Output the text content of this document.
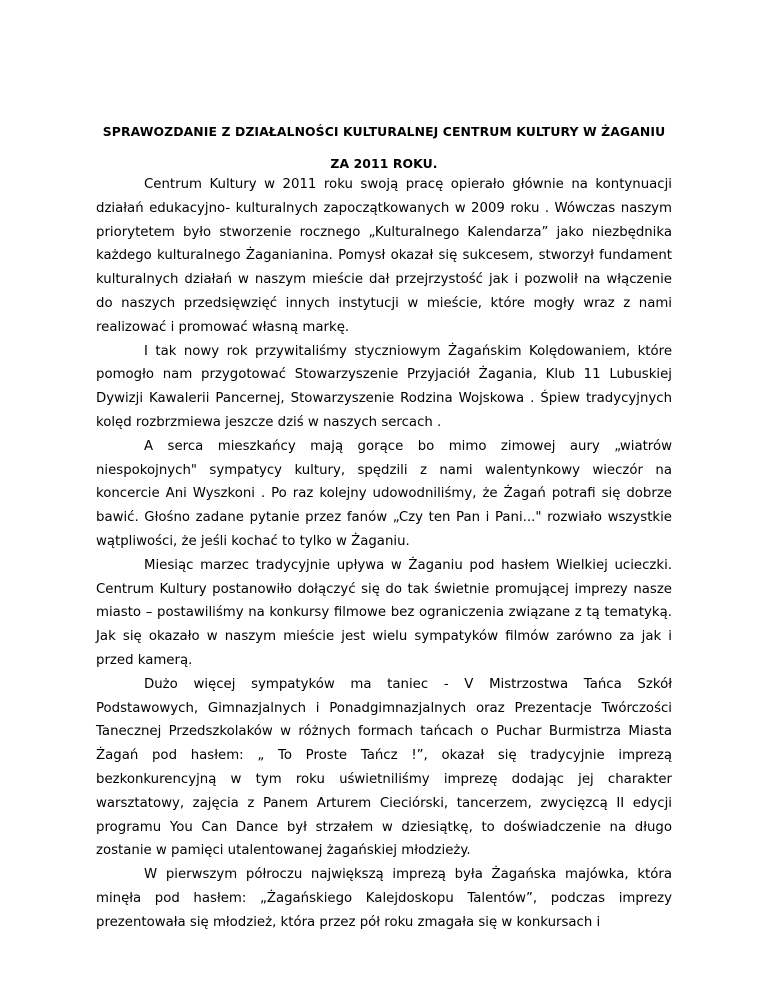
SPRAWOZDANIE Z DZIAŁALNOŚCI KULTURALNEJ CENTRUM KULTURY W ŻAGANIU ZA 2011 ROKU.

Centrum Kultury w 2011 roku swoją pracę opierało głównie na kontynuacji działań edukacyjno- kulturalnych zapoczątkowanych w 2009 roku . Wówczas naszym priorytetem było stworzenie rocznego „Kulturalnego Kalendarza” jako niezbędnika każdego kulturalnego Żaganianina. Pomysł okazał się sukcesem, stworzył fundament kulturalnych działań w naszym mieście dał przejrzystość jak i pozwolił na włączenie do naszych przedsięwzięć innych instytucji w mieście, które mogły wraz z nami realizować i promować własną markę.

I tak nowy rok przywitaliśmy styczniowym Żagańskim Kolędowaniem, które pomogło nam przygotować Stowarzyszenie Przyjaciół Żagania, Klub 11 Lubuskiej Dywizji Kawalerii Pancernej, Stowarzyszenie Rodzina Wojskowa . Śpiew tradycyjnych kolęd rozbrzmiewa jeszcze dziś w naszych sercach .

A serca mieszkańcy mają gorące bo mimo zimowej aury „wiatrów niespokojnych" sympatycy kultury, spędzili z nami walentynkowy wieczór na koncercie Ani Wyszkoni . Po raz kolejny udowodniliśmy, że Żagań potrafi się dobrze bawić. Głośno zadane pytanie przez fanów „Czy ten Pan i Pani..." rozwiało wszystkie wątpliwości, że jeśli kochać to tylko w Żaganiu.

Miesiąc marzec tradycyjnie upływa w Żaganiu pod hasłem Wielkiej ucieczki. Centrum Kultury postanowiło dołączyć się do tak świetnie promującej imprezy nasze miasto – postawiliśmy na konkursy filmowe bez ograniczenia związane z tą tematyką. Jak się okazało w naszym mieście jest wielu sympatyków filmów zarówno za jak i przed kamerą.

Dużo więcej sympatyków ma taniec - V Mistrzostwa Tańca Szkół Podstawowych, Gimnazjalnych i Ponadgimnazjalnych oraz Prezentacje Twórczości Tanecznej Przedszkolaków w różnych formach tańcach o Puchar Burmistrza Miasta Żagań pod hasłem: „ To Proste Tańcz !”, okazał się tradycyjnie imprezą bezkonkurencyjną w tym roku uświetniliśmy imprezę dodając jej charakter warsztatowy, zajęcia z Panem Arturem Cieciórski, tancerzem, zwycięzcą II edycji programu You Can Dance był strzałem w dziesiątkę, to doświadczenie na długo zostanie w pamięci utalentowanej żagańskiej młodzieży.

W pierwszym półroczu największą imprezą była Żagańska majówka, która minęła pod hasłem: „Żagańskiego Kalejdoskopu Talentów”, podczas imprezy prezentowała się młodzież, która przez pół roku zmagała się w konkursach i
